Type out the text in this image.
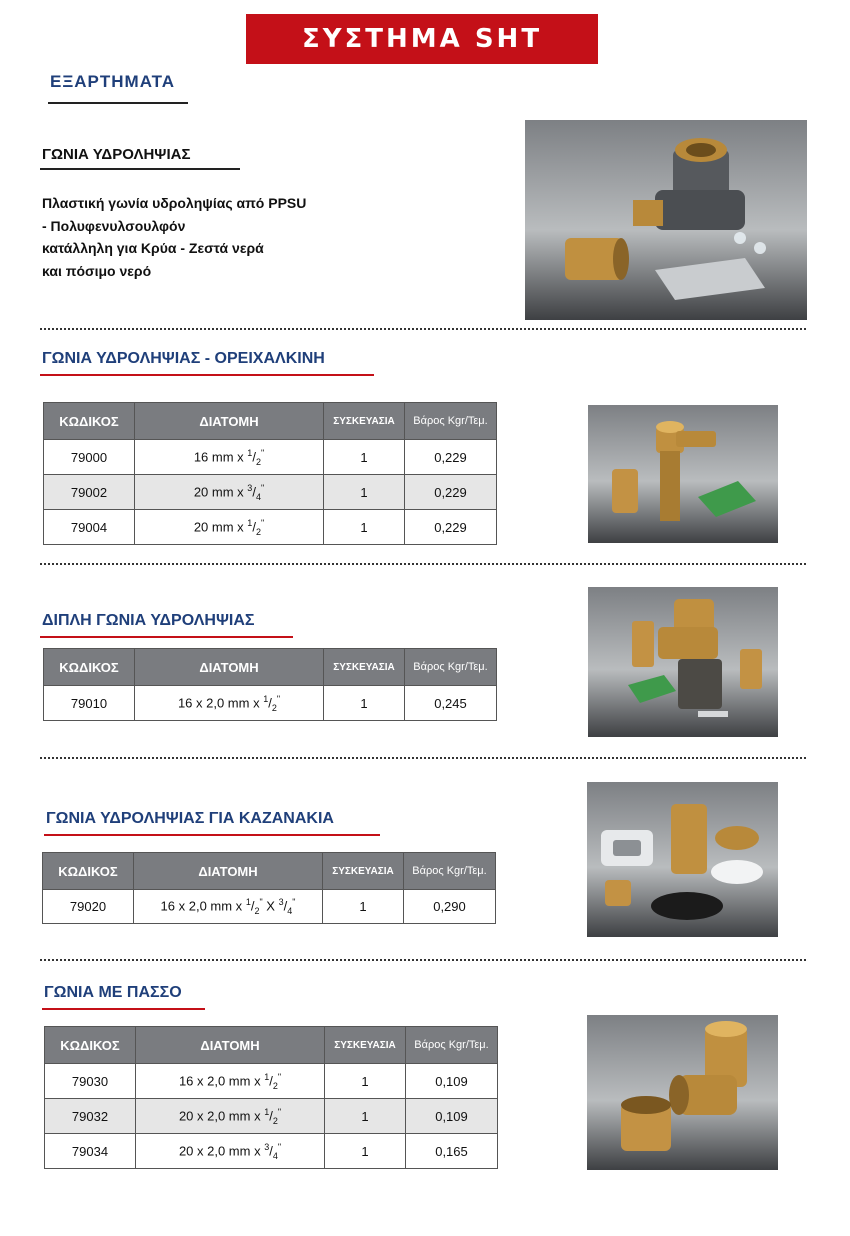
ΣΥΣΤΗΜΑ SHT
ΕΞΑΡΤΗΜΑΤΑ
ΓΩΝΙΑ ΥΔΡΟΛΗΨΙΑΣ
Πλαστική γωνία υδροληψίας από PPSU
- Πολυφενυλσουλφόν
κατάλληλη για Κρύα - Ζεστά νερά
και πόσιμο νερό
ΓΩΝΙΑ ΥΔΡΟΛΗΨΙΑΣ - ΟΡΕΙΧΑΛΚΙΝΗ
ΚΩΔΙΚΟΣ	ΔΙΑΤΟΜΗ	ΣΥΣΚΕΥΑΣΙΑ	Βάρος Kgr/Τεμ.
79000	16 mm x $^1/_2^"$	1	0,229
79002	20 mm x $^3/_4^"$	1	0,229
79004	20 mm x $^1/_2^"$	1	0,229
ΔΙΠΛΗ ΓΩΝΙΑ ΥΔΡΟΛΗΨΙΑΣ
ΚΩΔΙΚΟΣ	ΔΙΑΤΟΜΗ	ΣΥΣΚΕΥΑΣΙΑ	Βάρος Kgr/Τεμ.
79010	16 x 2,0 mm x $^1/_2^"$	1	0,245
ΓΩΝΙΑ ΥΔΡΟΛΗΨΙΑΣ ΓΙΑ ΚΑΖΑΝΑΚΙΑ
ΚΩΔΙΚΟΣ	ΔΙΑΤΟΜΗ	ΣΥΣΚΕΥΑΣΙΑ	Βάρος Kgr/Τεμ.
79020	16 x 2,0 mm x $^1/_2^"$ X $^3/_4^"$	1	0,290
ΓΩΝΙΑ ΜΕ ΠΑΣΣΟ
ΚΩΔΙΚΟΣ	ΔΙΑΤΟΜΗ	ΣΥΣΚΕΥΑΣΙΑ	Βάρος Kgr/Τεμ.
79030	16 x 2,0 mm x $^1/_2^"$	1	0,109
79032	20 x 2,0 mm x $^1/_2^"$	1	0,109
79034	20 x 2,0 mm x $^3/_4^"$	1	0,165
